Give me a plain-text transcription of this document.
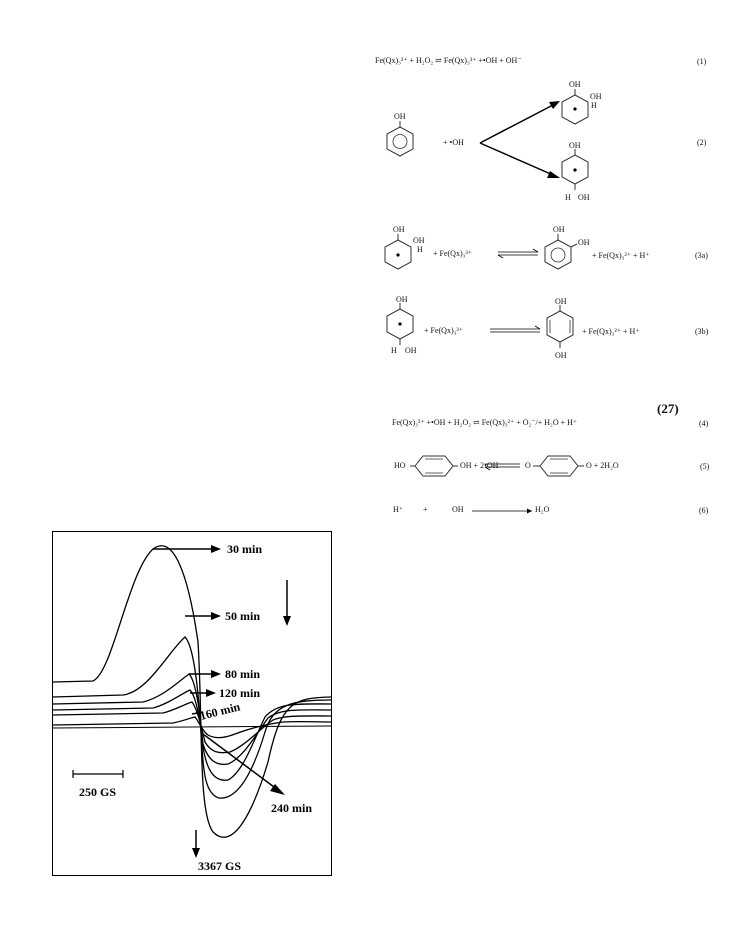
Fe(Qx)₃²⁺ + H₂O₂ ⇌ Fe(Qx)₃³⁺ +•OH + OH⁻	(1)
OH
+ •OH
OH
OH
H
OH
H OH
(2)
OH
OH
H + Fe(Qx)₃³⁺
OH
OH
+ Fe(Qx)₃²⁺ + H⁺	(3a)
OH
H OH
+ Fe(Qx)₃³⁺
OH
OH
+ Fe(Qx)₃²⁺ + H⁺	(3b)
(27)
Fe(Qx)₃³⁺ +•OH + H₂O₂ ⇌ Fe(Qx)₃²⁺ + O₂⁻/+ H₂O + H⁺	(4)
HO	OH + 2•OH	O	O + 2H₂O	(5)
H⁺	+	OH	H₂O	(6)
30 min
50 min
80 min
120 min
160 min
240 min
250 GS
3367 GS
